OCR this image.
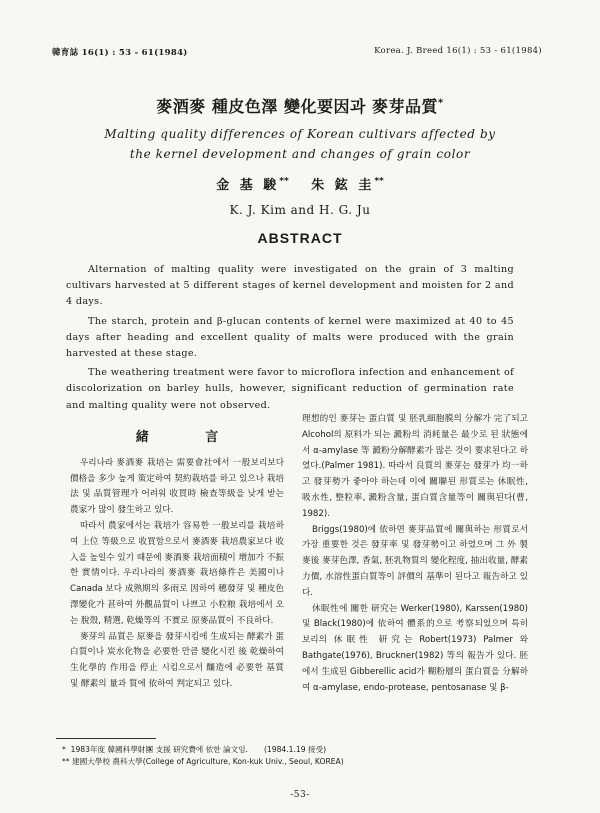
韓育誌 16(1) : 53 - 61(1984)	Korea. J. Breed 16(1) : 53 - 61(1984)
麥酒麥 種皮色澤 變化要因과 麥芽品質*
Malting quality differences of Korean cultivars affected by
the kernel development and changes of grain color
金 基 駿** 朱 鉉 圭**
K. J. Kim and H. G. Ju
ABSTRACT

Alternation of malting quality were investigated on the grain of 3 malting cultivars harvested at 5 different stages of kernel development and moisten for 2 and 4 days.

The starch, protein and β-glucan contents of kernel were maximized at 40 to 45 days after heading and excellent quality of malts were produced with the grain harvested at these stage.

The weathering treatment were favor to microflora infection and enhancement of discolorization on barley hulls, however, significant reduction of germination rate and malting quality were not observed.

緒 言

우리나라 麥酒麥 栽培는 需要會社에서 一般보리보다 價格을 多少 높게 策定하여 契約栽培를 하고 있으나 栽培法 및 品質管理가 어려워 收買時 檢查等級을 낮게 받는 農家가 많이 發生하고 있다.

따라서 農家에서는 栽培가 容易한 一般보리를 栽培하여 上位 等級으로 收買함으로서 麥酒麥 栽培農家보다 收入을 높일수 있기 때문에 麥酒麥 栽培面積이 增加가 不振한 實情이다. 우리나라의 麥酒麥 栽培條件은 美國이나 Canada 보다 成熟期의 多雨로 因하여 穗發芽 및 種皮色澤變化가 甚하여 外觀品質이 나쁘고 小粒粮 栽培에서 오는 脫殼, 精選, 乾燥等의 不實로 原麥品質이 不良하다.

麥芽의 品質은 原麥을 發芽시킴에 生成되는 酵素가 蛋白質이나 炭水化物을 必要한 만큼 變化시킨 後 乾燥하여 生化學的 作用을 停止 시킴으로서 釀造에 必要한 基質 및 酵素의 量과 質에 依하여 判定되고 있다.

理想的인 麥芽는 蛋白質 및 胚乳細胞膜의 分解가 完了되고 Alcohol의 原料가 되는 澱粉의 消耗量은 最少로 된 狀態에서 α-amylase 等 澱粉分解酵素가 많은 것이 要求된다고 하였다.(Palmer 1981). 따라서 良質의 麥芽는 發芽가 均一하고 發芽勢가 좋아야 하는데 이에 關聯된 形質로는 休眠性, 吸水性, 整粒率, 澱粉含量, 蛋白質含量等이 關與된다(曹, 1982).

Briggs(1980)에 依하면 麥芽品質에 關與하는 形質로서 가장 重要한 것은 發芽率 및 發芽勢이고 하였으며 그 外 製麥後 麥芽色澤, 香氣, 胚乳物質의 變化程度, 抽出收量, 酵素力價, 水溶性蛋白質等이 評價의 基準이 된다고 報告하고 있다.

休眠性에 關한 研究는 Werker(1980), Karssen(1980) 및 Black(1980)에 依하여 體系的으로 考察되었으며 특히 보리의 休眠性 研究는 Robert(1973) Palmer 와 Bathgate(1976), Bruckner(1982) 等의 報告가 있다. 胚에서 生成된 Gibberellic acid가 糊粉層의 蛋白質을 分解하여 α-amylase, endo-protease, pentosanase 및 β-

*  1983年度 韓國科學財團 支援 研究費에 依한 論文임. (1984.1.19 接受)
** 建國大學校 農科大學(College of Agriculture, Kon-kuk Univ., Seoul, KOREA)
-53-
